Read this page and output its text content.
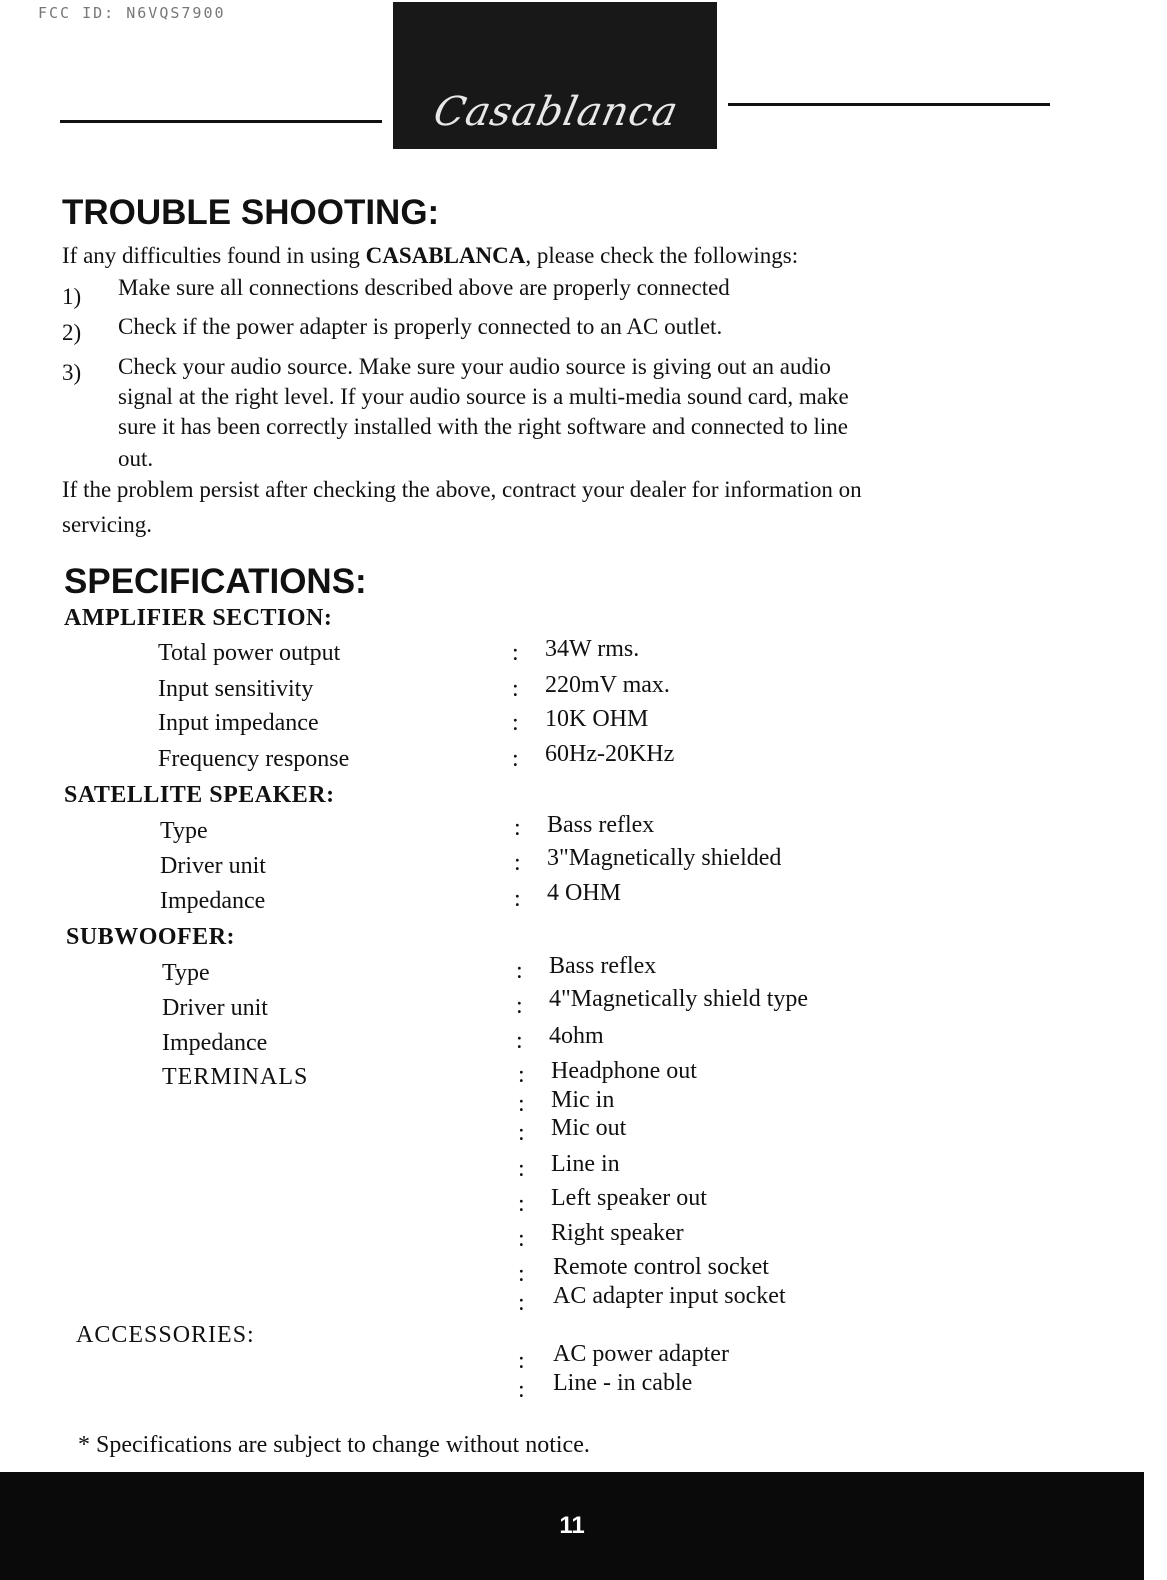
FCC ID: N6VQS7900
Casablanca
TROUBLE SHOOTING:
If any difficulties found in using CASABLANCA, please check the followings:
1) Make sure all connections described above are properly connected
2) Check if the power adapter is properly connected to an AC outlet.
3) Check your audio source. Make sure your audio source is giving out an audio
signal at the right level. If your audio source is a multi-media sound card, make
sure it has been correctly installed with the right software and connected to line
out.
If the problem persist after checking the above, contract your dealer for information on
servicing.
SPECIFICATIONS:
AMPLIFIER SECTION:
Total power output	: 34W rms.
Input sensitivity	: 220mV max.
Input impedance	: 10K OHM
Frequency response	: 60Hz-20KHz
SATELLITE SPEAKER:
Type	: Bass reflex
Driver unit	: 3"Magnetically shielded
Impedance	: 4 OHM
SUBWOOFER:
Type	: Bass reflex
Driver unit	: 4"Magnetically shield type
Impedance	: 4ohm
TERMINALS	: Headphone out
: Mic in
: Mic out
: Line in
: Left speaker out
: Right speaker
: Remote control socket
: AC adapter input socket
ACCESSORIES:
: AC power adapter
: Line - in cable
* Specifications are subject to change without notice.
11
